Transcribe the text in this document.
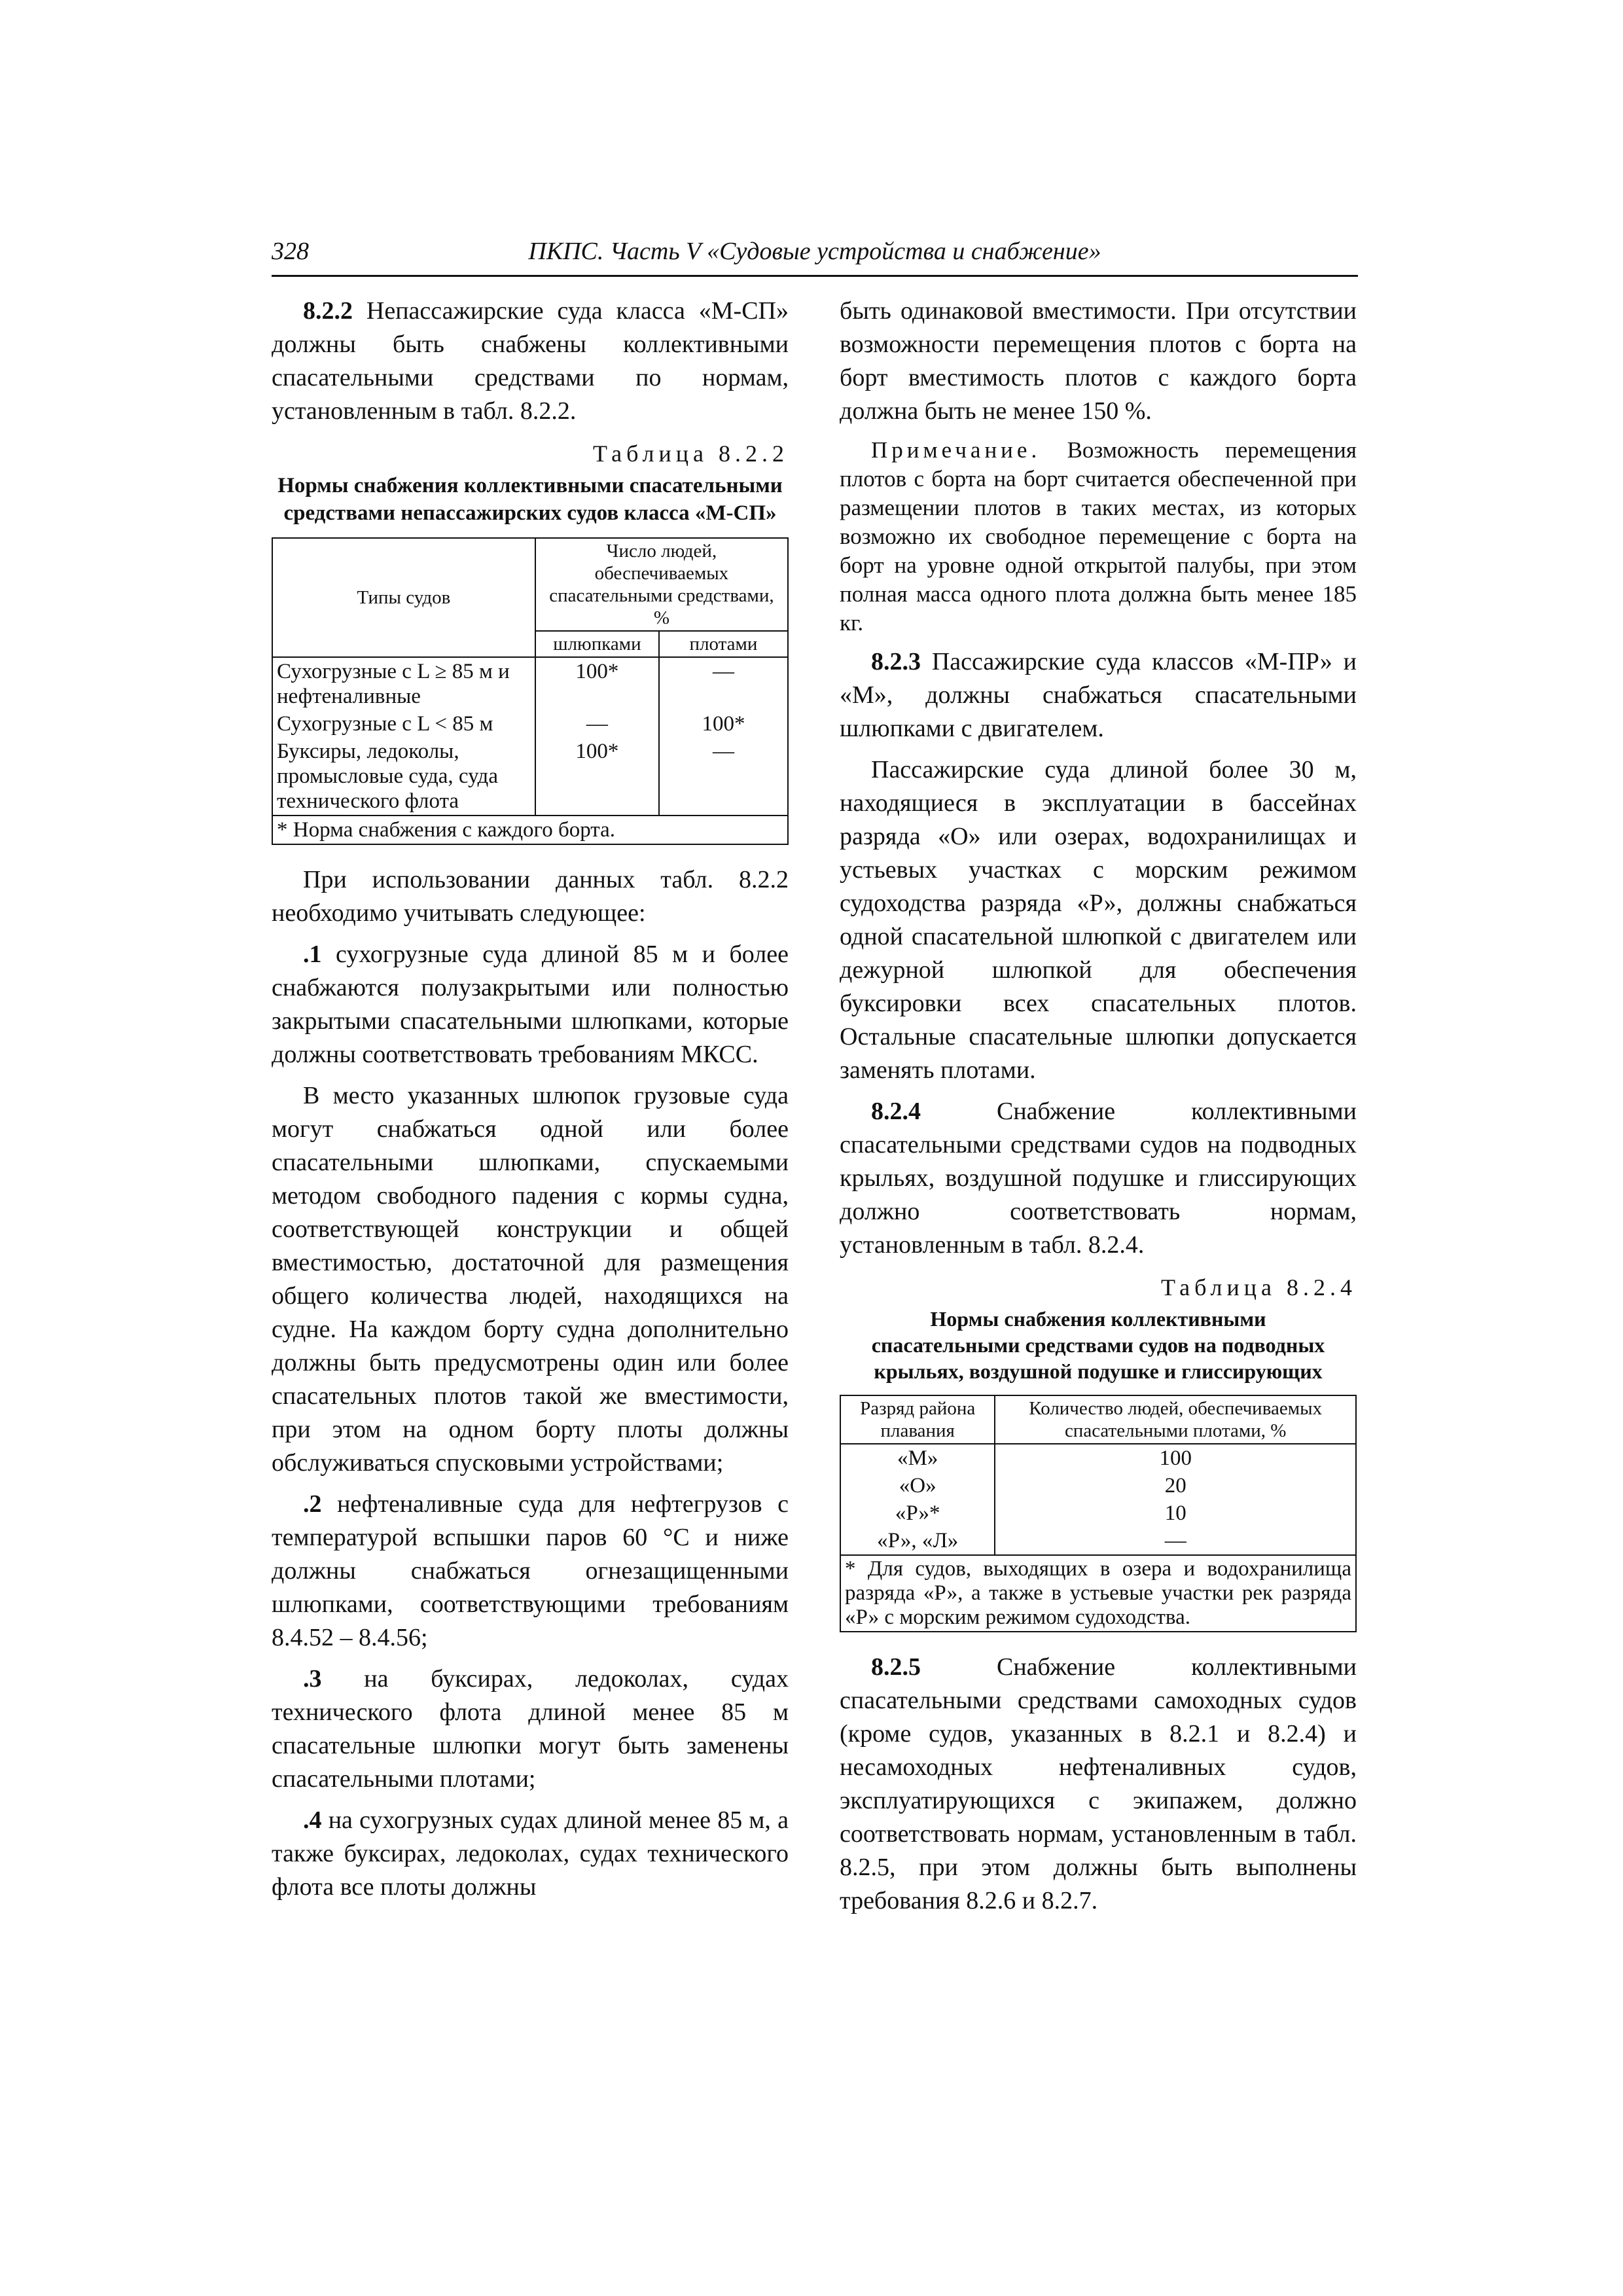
328	ПКПС. Часть V «Судовые устройства и снабжение»

8.2.2 Непассажирские суда класса «М-СП» должны быть снабжены коллективными спасательными средствами по нормам, установленным в табл. 8.2.2.

Таблица 8.2.2
Нормы снабжения коллективными спасательными средствами непассажирских судов класса «М-СП»
Типы судов	Число людей, обеспечиваемых спасательными средствами, %	
	шлюпками	плотами
Сухогрузные с L ≥ 85 м и нефтеналивные	100*	—
Сухогрузные с L < 85 м	—	100*
Буксиры, ледоколы, промысловые суда, суда технического флота	100*	—
* Норма снабжения с каждого борта.		

При использовании данных табл. 8.2.2 необходимо учитывать следующее:

.1 сухогрузные суда длиной 85 м и более снабжаются полузакрытыми или полностью закрытыми спасательными шлюпками, которые должны соответствовать требованиям МКСС.

В место указанных шлюпок грузовые суда могут снабжаться одной или более спасательными шлюпками, спускаемыми методом свободного падения с кормы судна, соответствующей конструкции и общей вместимостью, достаточной для размещения общего количества людей, находящихся на судне. На каждом борту судна дополнительно должны быть предусмотрены один или более спасательных плотов такой же вместимости, при этом на одном борту плоты должны обслуживаться спусковыми устройствами;

.2 нефтеналивные суда для нефтегрузов с температурой вспышки паров 60 °С и ниже должны снабжаться огнезащищенными шлюпками, соответствующими требованиям 8.4.52 – 8.4.56;

.3 на буксирах, ледоколах, судах технического флота длиной менее 85 м спасательные шлюпки могут быть заменены спасательными плотами;

.4 на сухогрузных судах длиной менее 85 м, а также буксирах, ледоколах, судах технического флота все плоты должны

быть одинаковой вместимости. При отсутствии возможности перемещения плотов с борта на борт вместимость плотов с каждого борта должна быть не менее 150 %.

Примечание. Возможность перемещения плотов с борта на борт считается обеспеченной при размещении плотов в таких местах, из которых возможно их свободное перемещение с борта на борт на уровне одной открытой палубы, при этом полная масса одного плота должна быть менее 185 кг.

8.2.3 Пассажирские суда классов «М-ПР» и «М», должны снабжаться спасательными шлюпками с двигателем.

Пассажирские суда длиной более 30 м, находящиеся в эксплуатации в бассейнах разряда «О» или озерах, водохранилищах и устьевых участках с морским режимом судоходства разряда «Р», должны снабжаться одной спасательной шлюпкой с двигателем или дежурной шлюпкой для обеспечения буксировки всех спасательных плотов. Остальные спасательные шлюпки допускается заменять плотами.

8.2.4 Снабжение коллективными спасательными средствами судов на подводных крыльях, воздушной подушке и глиссирующих должно соответствовать нормам, установленным в табл. 8.2.4.

Таблица 8.2.4
Нормы снабжения коллективными спасательными средствами судов на подводных крыльях, воздушной подушке и глиссирующих
Разряд района плавания	Количество людей, обеспечиваемых спасательными плотами, %
«М»	100
«О»	20
«Р»*	10
«Р», «Л»	—
* Для судов, выходящих в озера и водохранилища разряда «Р», а также в устьевые участки рек разряда «Р» с морским режимом судоходства.	

8.2.5 Снабжение коллективными спасательными средствами самоходных судов (кроме судов, указанных в 8.2.1 и 8.2.4) и несамоходных нефтеналивных судов, эксплуатирующихся с экипажем, должно соответствовать нормам, установленным в табл. 8.2.5, при этом должны быть выполнены требования 8.2.6 и 8.2.7.
